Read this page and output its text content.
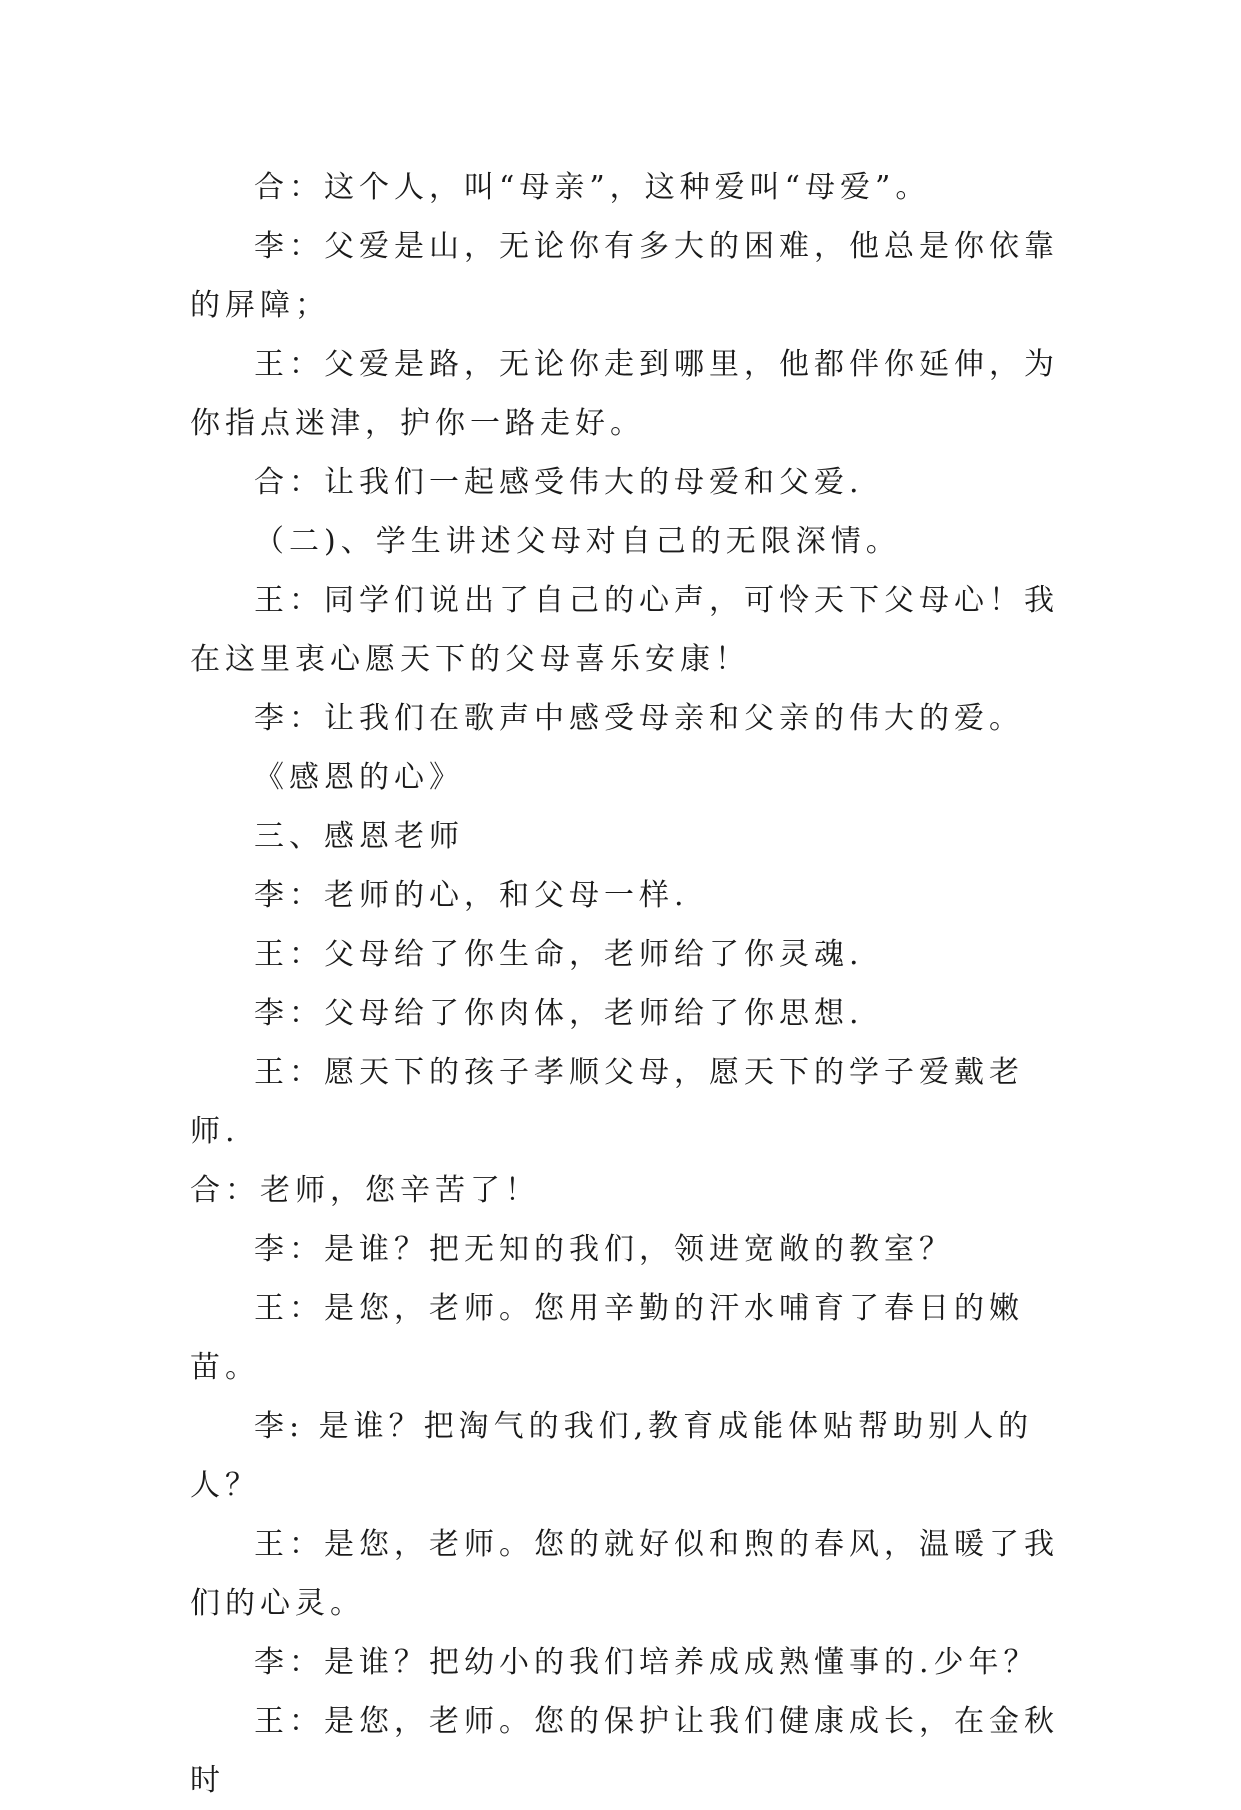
合：这个人，叫“母亲”，这种爱叫“母爱”。

李：父爱是山，无论你有多大的困难，他总是你依靠的屏障；

王：父爱是路，无论你走到哪里，他都伴你延伸，为你指点迷津，护你一路走好。

合：让我们一起感受伟大的母爱和父爱.

（二)、学生讲述父母对自己的无限深情。

王：同学们说出了自己的心声，可怜天下父母心！我在这里衷心愿天下的父母喜乐安康！

李：让我们在歌声中感受母亲和父亲的伟大的爱。

《感恩的心》

三、感恩老师

李：老师的心，和父母一样.

王：父母给了你生命，老师给了你灵魂.

李：父母给了你肉体，老师给了你思想.

王：愿天下的孩子孝顺父母，愿天下的学子爱戴老师.

合：老师，您辛苦了！

李：是谁？把无知的我们，领进宽敞的教室？

王：是您，老师。您用辛勤的汗水哺育了春日的嫩苗。

李: 是谁？把淘气的我们,教育成能体贴帮助别人的人？

王：是您，老师。您的就好似和煦的春风，温暖了我们的心灵。

李：是谁？把幼小的我们培养成成熟懂事的.少年？

王：是您，老师。您的保护让我们健康成长，在金秋时
